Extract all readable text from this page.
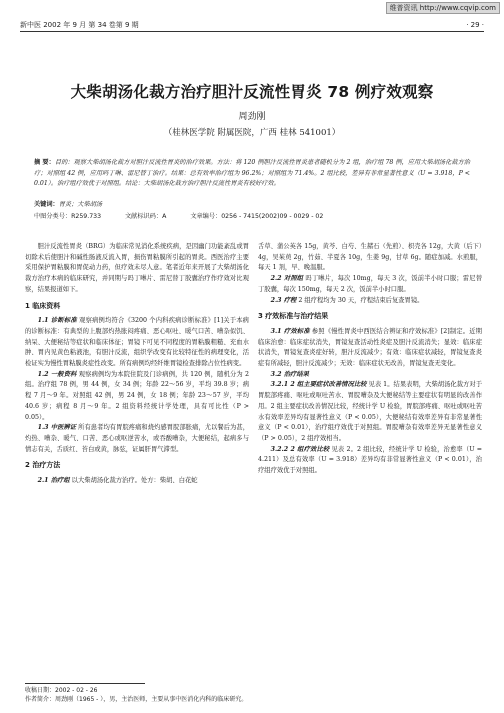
维普资讯 http://www.cqvip.com
新中医 2002 年 9 月 第 34 卷第 9 期	· 29 ·
大柴胡汤化裁方治疗胆汁反流性胃炎 78 例疗效观察
周劲刚
（桂林医学院 附属医院，广西 桂林 541001）
摘 要：目的：观察大柴胡汤化裁方对胆汁反流性胃炎的治疗效果。方法：将 120 例胆汁反流性胃炎患者随机分为 2 组，治疗组 78 例，应用大柴胡汤化裁方治疗；对照组 42 例，应用吗丁啉、雷尼替丁治疗。结果：总有效率治疗组为 96.2%；对照组为 71.4%。2 组比较，差异有非常显著性意义（U = 3.918，P < 0.01）。治疗组疗效优于对照组。结论：大柴胡汤化裁方治疗胆汁反流性胃炎有较好疗效。
关键词：胃炎；大柴胡汤
中图分类号：R259.733	文献标识码：A	文章编号：0256 - 7415(2002)09 - 0029 - 02

胆汁反流性胃炎（BRG）为临床常见消化系统疾病，是因幽门功能紊乱或胃切除术后使胆汁和碱性肠液反流入胃，损伤胃粘膜所引起的胃炎。西医治疗主要采用保护胃粘膜和胃促动力药，但疗效未尽人意。笔者近年来开展了大柴胡汤化裁方治疗本病的临床研究，并同期与吗丁啉片、雷尼替丁胶囊治疗作疗效对比观察，结果报道如下。

1 临床资料

1.1 诊断标准 观察病例均符合《3200 个内科疾病诊断标准》[1]关于本病的诊断标准：有典型的上腹部灼热胀闷疼痛、恶心呕吐、暖气口苦、嘈杂似饥、纳呆、大便秘结等症状和临床体征；胃镜下可见不同程度的胃粘膜粗糙、充血水肿、胃内见黄色粘液池，有胆汁反流，组织学改变有比较特征性的病理变化，活检证实为慢性胃粘膜炎症性改变。所有病例均经纤维胃镜检查排除占位性病变。

1.2 一般资料 观察病例均为本院住院及门诊病例，共 120 例，随机分为 2 组。治疗组 78 例，男 44 例，女 34 例；年龄 22～56 岁，平均 39.8 岁；病程 7 月～9 年。对照组 42 例，男 24 例，女 18 例；年龄 23～57 岁，平均 40.6 岁；病程 8 月～9 年。2 组资料经统计学处理，具有可比性（P > 0.05）。

1.3 中医辨证 所有患者均有胃脘疼痛和烧灼感胃脘部胀痛，尤以餐后为甚，灼热、嘈杂、暖气、口苦、恶心或呕逆苦水，或吞酸嘈杂，大便秘结，起病多与情志有关，舌质红、苔白或黄，脉弦，证属肝胃气滞型。

2 治疗方法

2.1 治疗组 以大柴胡汤化裁方治疗。处方：柴胡、白花蛇

舌草、蒲公英各 15g，黄芩、白芍、生赭石（先煎）、枳壳各 12g，大黄（后下）4g，吴茱萸 2g，竹茹、半夏各 10g，生姜 9g，甘草 6g。随症加减。水煎服，每天 1 剂，早、晚温服。

2.2 对照组 吗丁啉片，每次 10mg，每天 3 次，饭前半小时口服；雷尼替丁胶囊，每次 150mg，每天 2 次，饭前半小时口服。

2.3 疗程 2 组疗程均为 30 天，疗程结束后复查胃镜。

3 疗效标准与治疗结果

3.1 疗效标准 参照《慢性胃炎中西医结合辨证和疗效标准》[2]制定。近期临床治愈：临床症状消失，胃镜复查活动性炎症及胆汁反流消失；显效：临床症状消失，胃镜复查炎症好转，胆汁反流减少；有效：临床症状减轻，胃镜复查炎症有所减轻，胆汁反流减少；无效：临床症状无改善，胃镜复查无变化。

3.2 治疗结果

3.2.1 2 组主要症状改善情况比较 见表 1。结果表明，大柴胡汤化裁方对于胃脘部疼痛、呕吐或呕吐苦水、胃脘嘈杂及大便秘结等主要症状有明显的改善作用。2 组主要症状改善情况比较，经统计学 U 检验，胃脘部疼痛、呕吐或呕吐苦水有效率差异均有显著性意义（P < 0.05），大便秘结有效率差异有非常显著性意义（P < 0.01），治疗组疗效优于对照组。胃脘嘈杂有效率差异无显著性意义（P > 0.05），2 组疗效相当。

3.2.2 2 组疗效比较 见表 2。2 组比较，经统计学 U 检验，治愈率（U = 4.211）及总有效率（U = 3.918）差异均有非常显著性意义（P < 0.01），治疗组疗效优于对照组。

收稿日期：2002 - 02 - 26
作者简介：周劲刚（1965 - ），男，主治医师，主要从事中医消化内科的临床研究。
